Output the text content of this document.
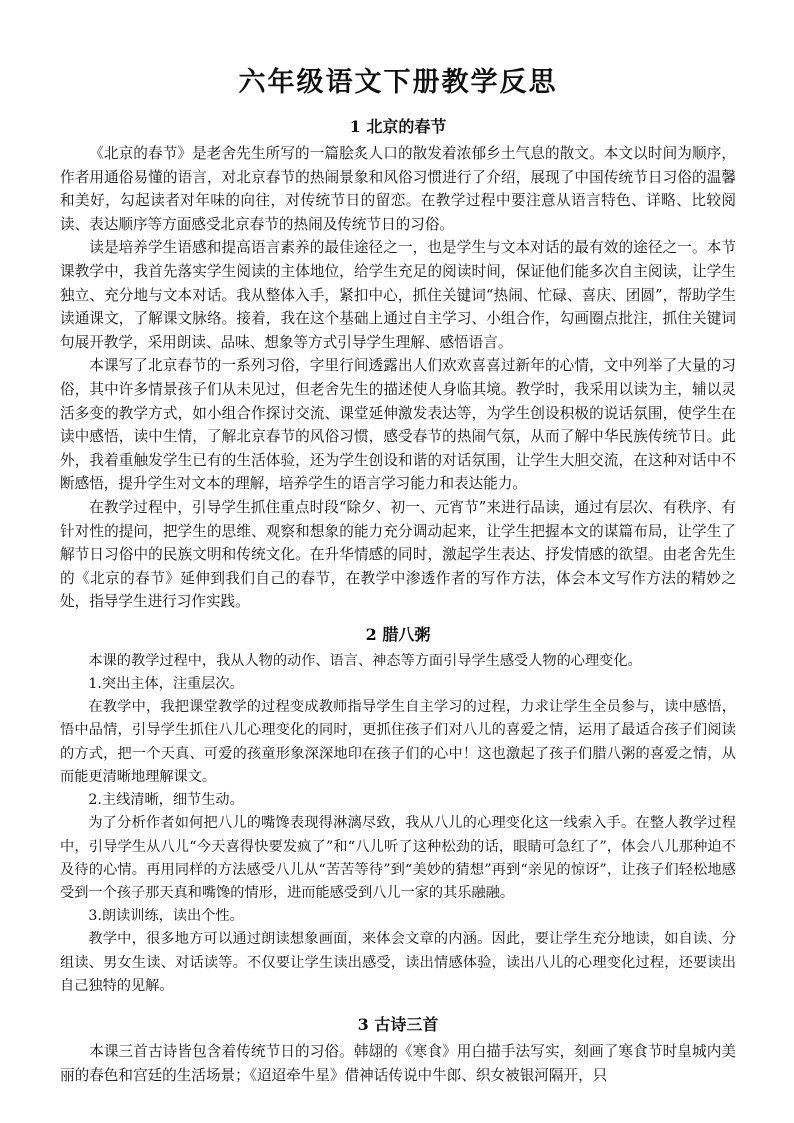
六年级语文下册教学反思
1 北京的春节

《北京的春节》是老舍先生所写的一篇脍炙人口的散发着浓郁乡土气息的散文。本文以时间为顺序，作者用通俗易懂的语言，对北京春节的热闹景象和风俗习惯进行了介绍，展现了中国传统节日习俗的温馨和美好，勾起读者对年味的向往，对传统节日的留恋。在教学过程中要注意从语言特色、详略、比较阅读、表达顺序等方面感受北京春节的热闹及传统节日的习俗。

读是培养学生语感和提高语言素养的最佳途径之一，也是学生与文本对话的最有效的途径之一。本节课教学中，我首先落实学生阅读的主体地位，给学生充足的阅读时间，保证他们能多次自主阅读，让学生独立、充分地与文本对话。我从整体入手，紧扣中心，抓住关键词“热闹、忙碌、喜庆、团圆”，帮助学生读通课文，了解课文脉络。接着，我在这个基础上通过自主学习、小组合作，勾画圈点批注，抓住关键词句展开教学，采用朗读、品味、想象等方式引导学生理解、感悟语言。

本课写了北京春节的一系列习俗，字里行间透露出人们欢欢喜喜过新年的心情，文中列举了大量的习俗，其中许多情景孩子们从未见过，但老舍先生的描述使人身临其境。教学时，我采用以读为主，辅以灵活多变的教学方式，如小组合作探讨交流、课堂延伸激发表达等，为学生创设积极的说话氛围，使学生在读中感悟，读中生情，了解北京春节的风俗习惯，感受春节的热闹气氛，从而了解中华民族传统节日。此外，我着重触发学生已有的生活体验，还为学生创设和谐的对话氛围，让学生大胆交流，在这种对话中不断感悟，提升学生对文本的理解，培养学生的语言学习能力和表达能力。

在教学过程中，引导学生抓住重点时段“除夕、初一、元宵节”来进行品读，通过有层次、有秩序、有针对性的提问，把学生的思维、观察和想象的能力充分调动起来，让学生把握本文的谋篇布局，让学生了解节日习俗中的民族文明和传统文化。在升华情感的同时，激起学生表达、抒发情感的欲望。由老舍先生的《北京的春节》延伸到我们自己的春节，在教学中渗透作者的写作方法，体会本文写作方法的精妙之处，指导学生进行习作实践。

2 腊八粥

本课的教学过程中，我从人物的动作、语言、神态等方面引导学生感受人物的心理变化。

1.突出主体，注重层次。

在教学中，我把课堂教学的过程变成教师指导学生自主学习的过程，力求让学生全员参与，读中感悟，悟中品情，引导学生抓住八儿心理变化的同时，更抓住孩子们对八儿的喜爱之情，运用了最适合孩子们阅读的方式，把一个天真、可爱的孩童形象深深地印在孩子们的心中！这也激起了孩子们腊八粥的喜爱之情，从而能更清晰地理解课文。

2.主线清晰，细节生动。

为了分析作者如何把八儿的嘴馋表现得淋漓尽致，我从八儿的心理变化这一线索入手。在整人教学过程中，引导学生从八儿“今天喜得快要发疯了”和“八儿听了这种松劲的话，眼睛可急红了”，体会八儿那种迫不及待的心情。再用同样的方法感受八儿从“苦苦等待”到“美妙的猜想”再到“亲见的惊讶”，让孩子们轻松地感受到一个孩子那天真和嘴馋的情形，进而能感受到八儿一家的其乐融融。

3.朗读训练，读出个性。

教学中，很多地方可以通过朗读想象画面，来体会文章的内涵。因此，要让学生充分地读，如自读、分组读、男女生读、对话读等。不仅要让学生读出感受，读出情感体验，读出八儿的心理变化过程，还要读出自己独特的见解。

3 古诗三首

本课三首古诗皆包含着传统节日的习俗。韩翃的《寒食》用白描手法写实，刻画了寒食节时皇城内美丽的春色和宫廷的生活场景；《迢迢牵牛星》借神话传说中牛郎、织女被银河隔开，只
